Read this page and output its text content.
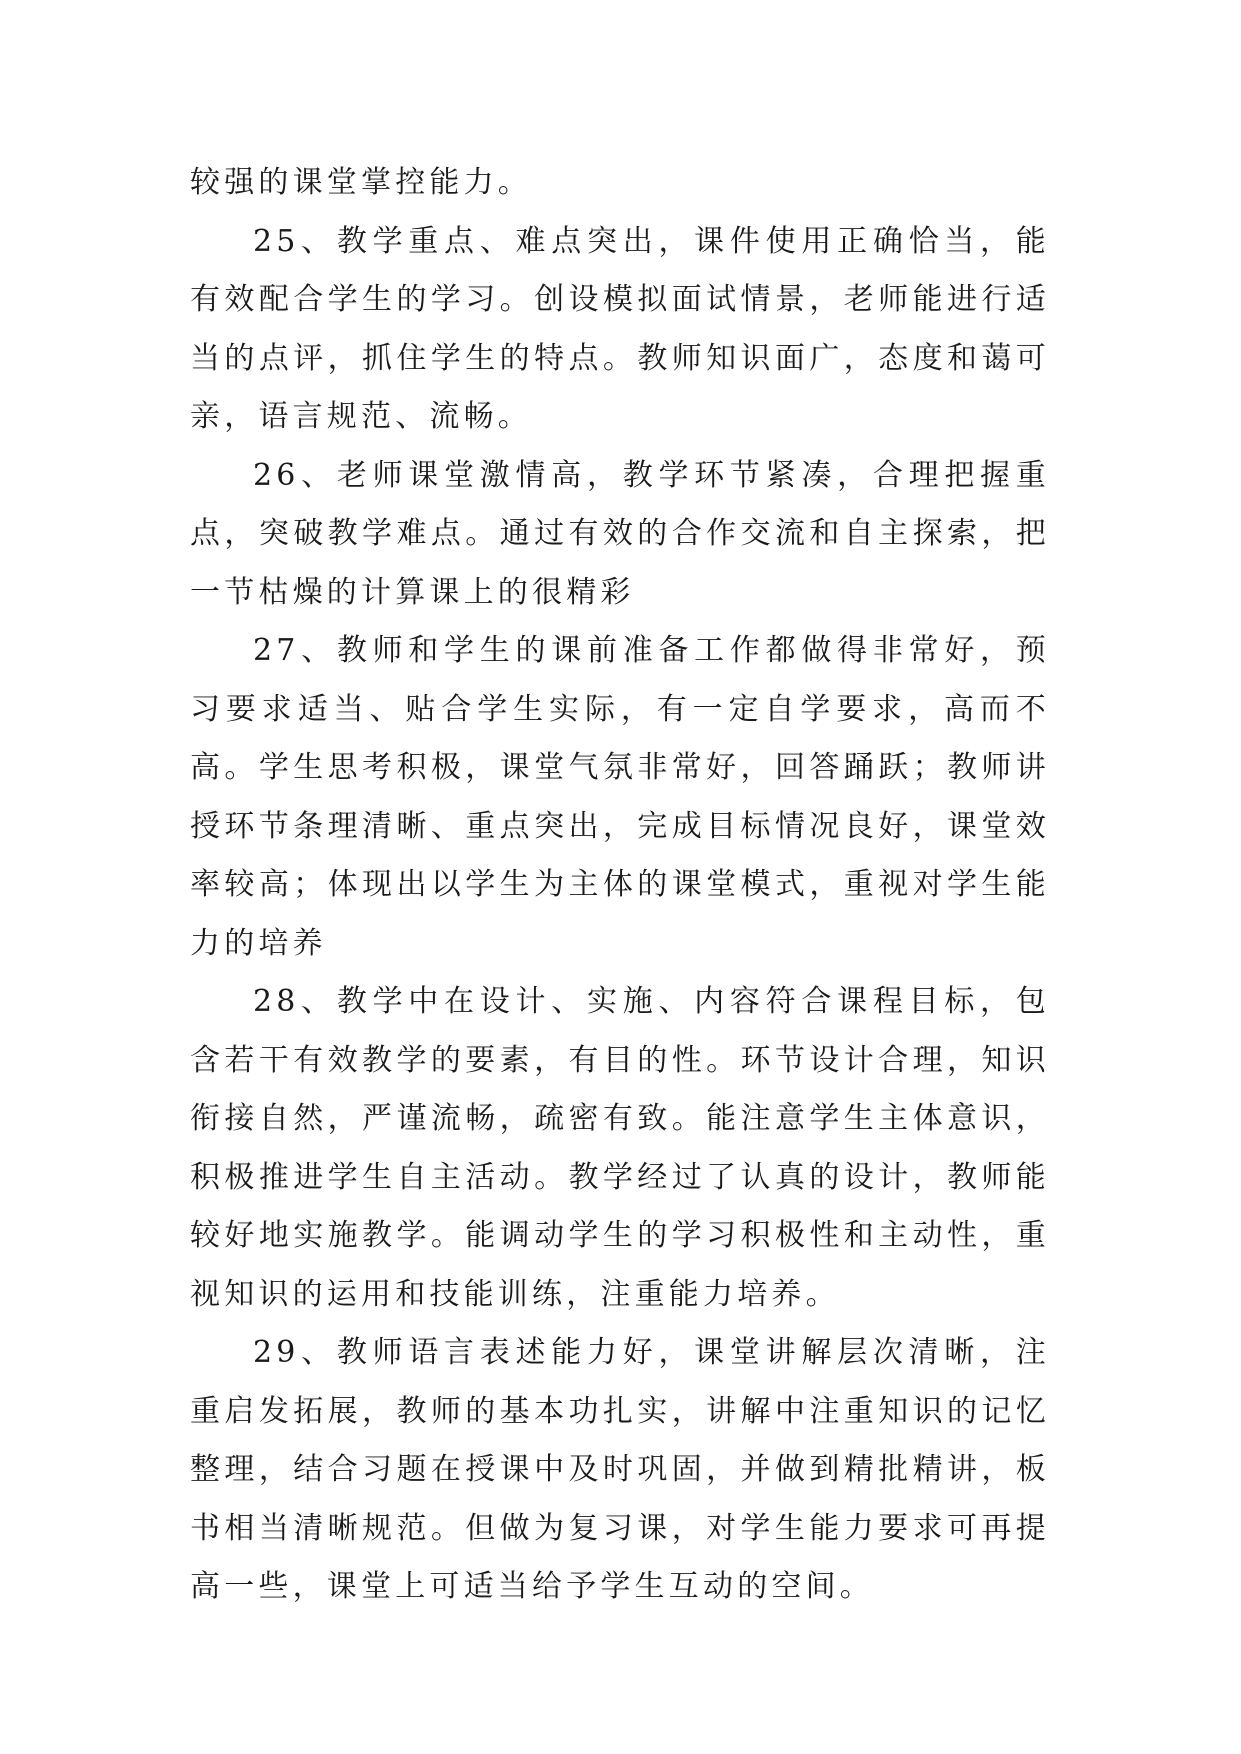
较强的课堂掌控能力。

25、教学重点、难点突出，课件使用正确恰当，能有效配合学生的学习。创设模拟面试情景，老师能进行适当的点评，抓住学生的特点。教师知识面广，态度和蔼可亲，语言规范、流畅。

26、老师课堂激情高，教学环节紧凑，合理把握重点，突破教学难点。通过有效的合作交流和自主探索，把一节枯燥的计算课上的很精彩

27、教师和学生的课前准备工作都做得非常好，预习要求适当、贴合学生实际，有一定自学要求，高而不高。学生思考积极，课堂气氛非常好，回答踊跃；教师讲授环节条理清晰、重点突出，完成目标情况良好，课堂效率较高；体现出以学生为主体的课堂模式，重视对学生能力的培养

28、教学中在设计、实施、内容符合课程目标，包含若干有效教学的要素，有目的性。环节设计合理，知识衔接自然，严谨流畅，疏密有致。能注意学生主体意识，积极推进学生自主活动。教学经过了认真的设计，教师能较好地实施教学。能调动学生的学习积极性和主动性，重视知识的运用和技能训练，注重能力培养。

29、教师语言表述能力好，课堂讲解层次清晰，注重启发拓展，教师的基本功扎实，讲解中注重知识的记忆整理，结合习题在授课中及时巩固，并做到精批精讲，板书相当清晰规范。但做为复习课，对学生能力要求可再提高一些，课堂上可适当给予学生互动的空间。
